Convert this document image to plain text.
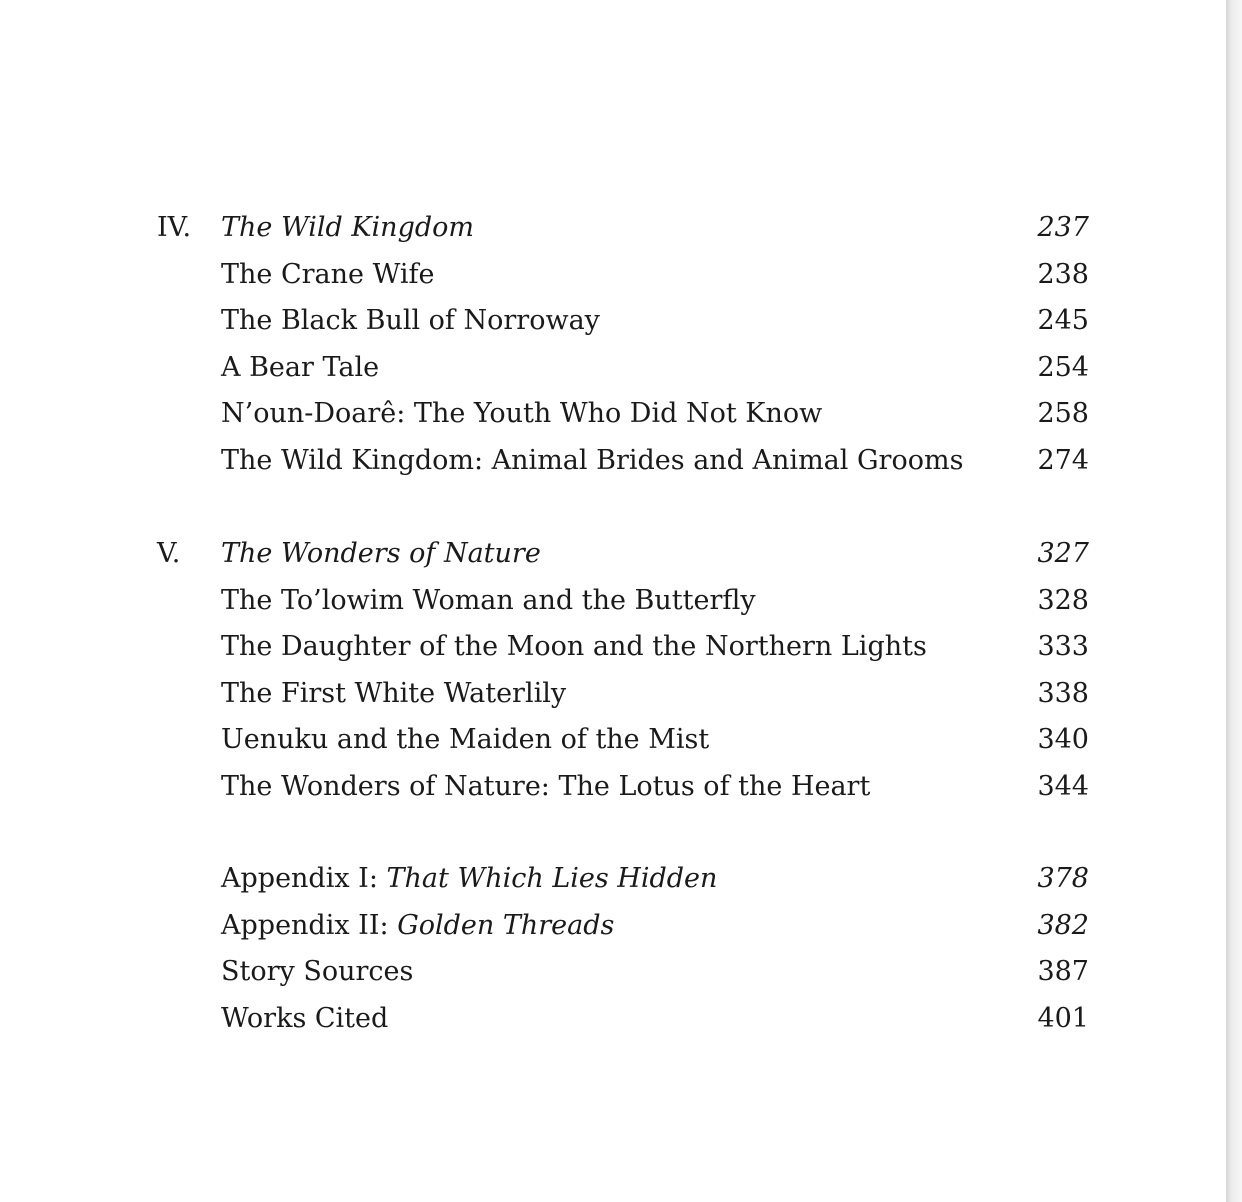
IV. The Wild Kingdom	237
The Crane Wife	238
The Black Bull of Norroway	245
A Bear Tale	254
N’oun-Doarê: The Youth Who Did Not Know	258
The Wild Kingdom: Animal Brides and Animal Grooms	274
V. The Wonders of Nature	327
The To’lowim Woman and the Butterfly	328
The Daughter of the Moon and the Northern Lights	333
The First White Waterlily	338
Uenuku and the Maiden of the Mist	340
The Wonders of Nature: The Lotus of the Heart	344
Appendix I: That Which Lies Hidden	378
Appendix II: Golden Threads	382
Story Sources	387
Works Cited	401
